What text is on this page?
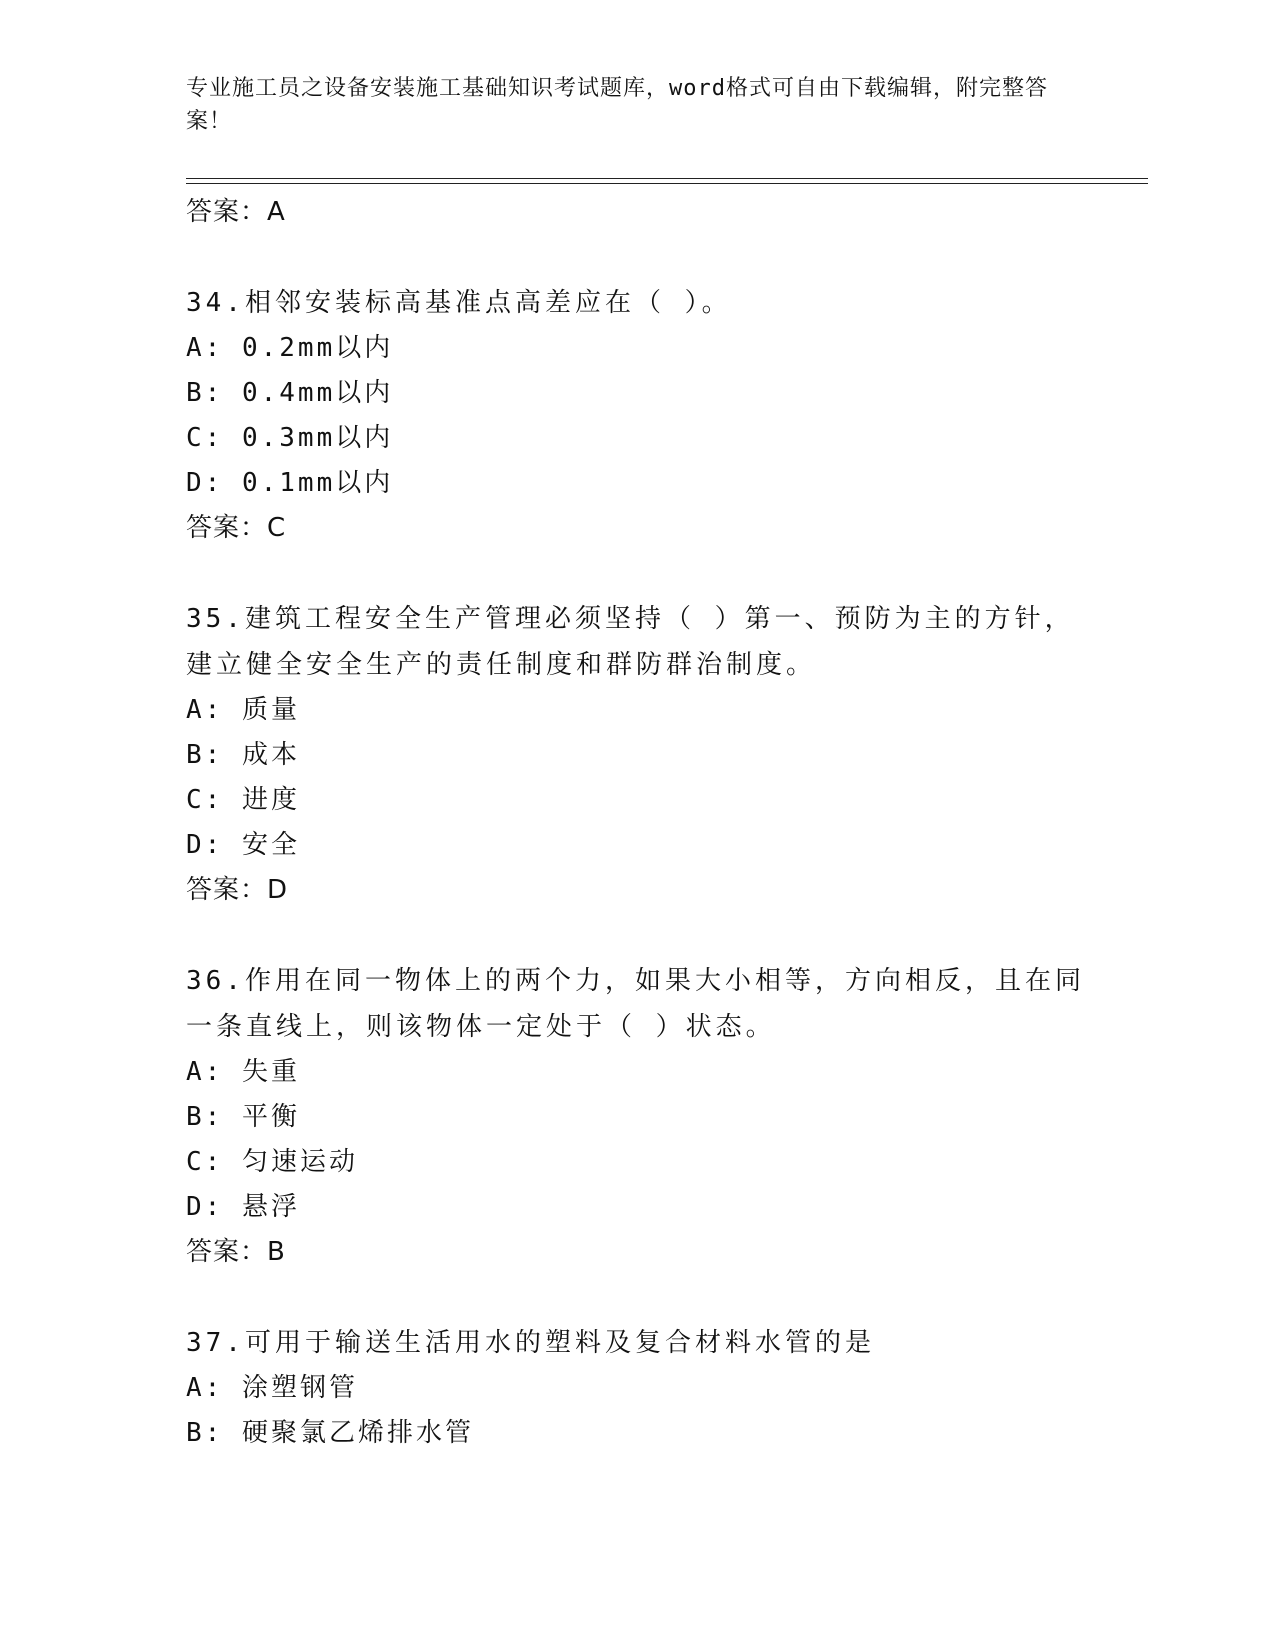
专业施工员之设备安装施工基础知识考试题库，word格式可自由下载编辑，附完整答案！
答案：A
34.相邻安装标高基准点高差应在（ ）。
A: 0.2mm以内
B: 0.4mm以内
C: 0.3mm以内
D: 0.1mm以内
答案：C
35.建筑工程安全生产管理必须坚持（ ）第一、预防为主的方针，建立健全安全生产的责任制度和群防群治制度。
A: 质量
B: 成本
C: 进度
D: 安全
答案：D
36.作用在同一物体上的两个力，如果大小相等，方向相反，且在同一条直线上，则该物体一定处于（ ）状态。
A: 失重
B: 平衡
C: 匀速运动
D: 悬浮
答案：B
37.可用于输送生活用水的塑料及复合材料水管的是
A: 涂塑钢管
B: 硬聚氯乙烯排水管
